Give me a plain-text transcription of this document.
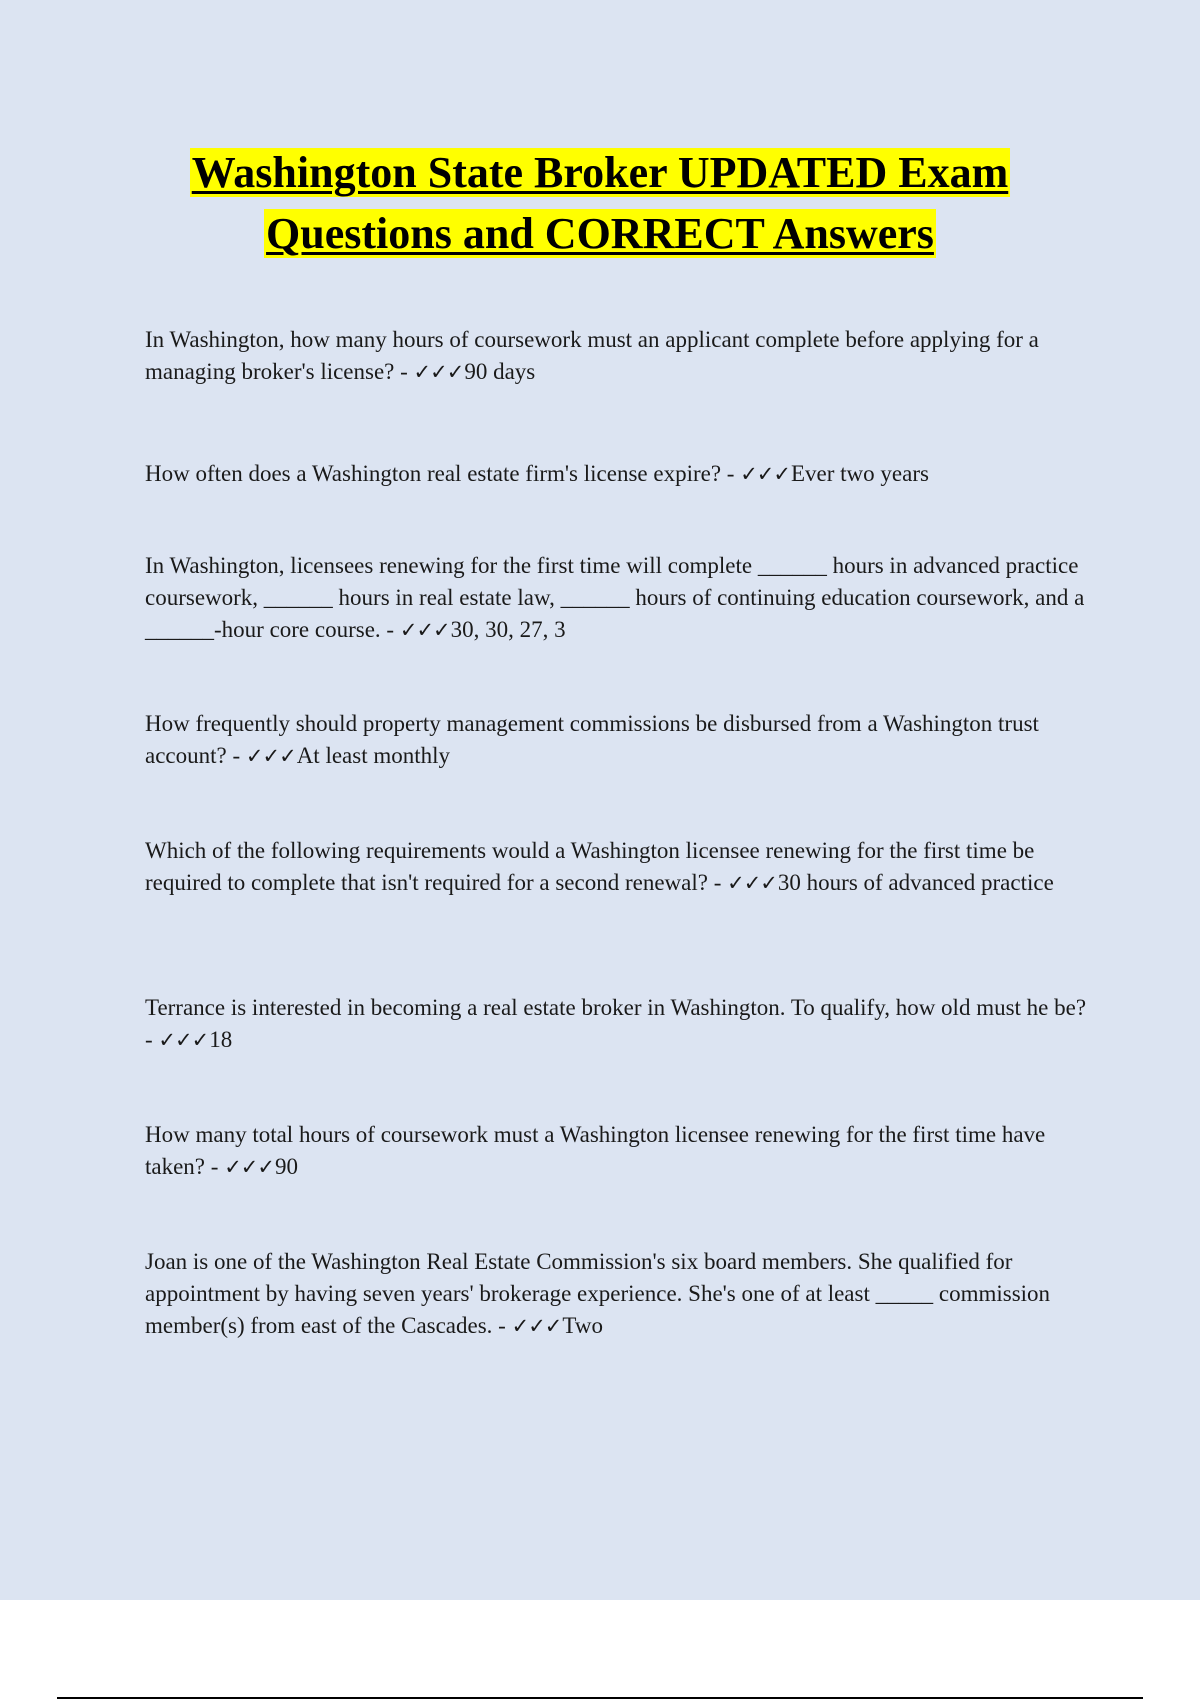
Washington State Broker UPDATED Exam
Questions and CORRECT Answers
In Washington, how many hours of coursework must an applicant complete before applying for a managing broker's license? - ✓✓✓90 days
How often does a Washington real estate firm's license expire? - ✓✓✓Ever two years
In Washington, licensees renewing for the first time will complete ______ hours in advanced practice coursework, ______ hours in real estate law, ______ hours of continuing education coursework, and a ______-hour core course. - ✓✓✓30, 30, 27, 3
How frequently should property management commissions be disbursed from a Washington trust account? - ✓✓✓At least monthly
Which of the following requirements would a Washington licensee renewing for the first time be required to complete that isn't required for a second renewal? - ✓✓✓30 hours of advanced practice
Terrance is interested in becoming a real estate broker in Washington. To qualify, how old must he be? - ✓✓✓18
How many total hours of coursework must a Washington licensee renewing for the first time have taken? - ✓✓✓90
Joan is one of the Washington Real Estate Commission's six board members. She qualified for appointment by having seven years' brokerage experience. She's one of at least _____ commission member(s) from east of the Cascades. - ✓✓✓Two
